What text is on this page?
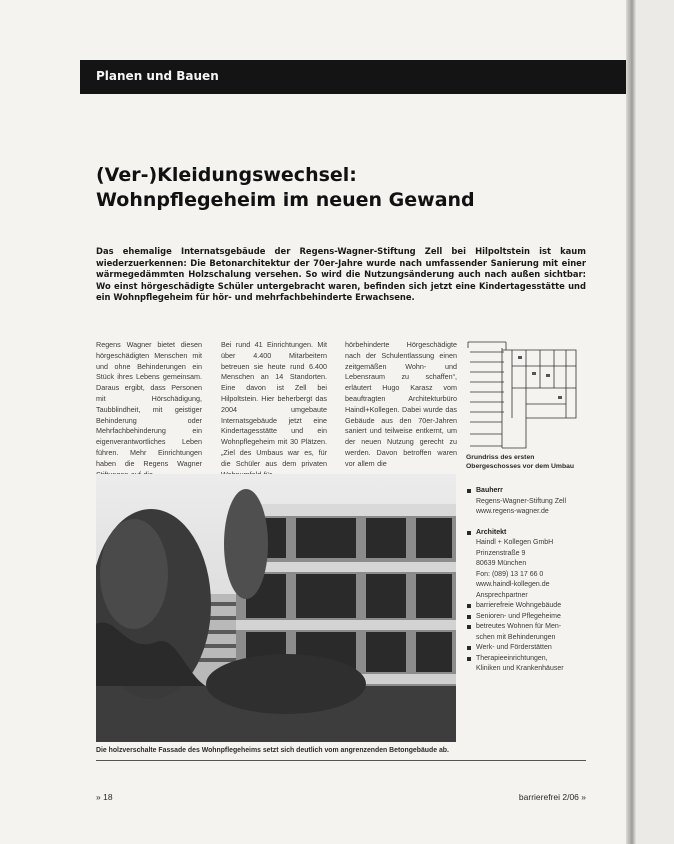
Planen und Bauen
(Ver-)Kleidungswechsel:
Wohnpflegeheim im neuen Gewand
Das ehemalige Internatsgebäude der Regens-Wagner-Stiftung Zell bei Hilpoltstein ist kaum wiederzuerkennen: Die Betonarchitektur der 70er-Jahre wurde nach umfassender Sanierung mit einer wärmegedämmten Holzschalung versehen. So wird die Nutzungsänderung auch nach außen sichtbar: Wo einst hörgeschädigte Schüler untergebracht waren, befinden sich jetzt eine Kindertagesstätte und ein Wohnpflegeheim für hör- und mehrfachbehinderte Erwachsene.
Regens Wagner bietet diesen hörgeschädigten Menschen mit und ohne Behinderungen ein Stück ihres Lebens gemeinsam. Daraus ergibt, dass Personen mit Hörschädigung, Taubblindheit, mit geistiger Behinderung oder Mehrfachbehinderung ein eigenverantwortliches Leben führen. Mehr Einrichtungen haben die Regens Wagner
Bei rund 41 Einrichtungen. Mit über 4.400 Mitarbeitern betreuen sie heute rund 6.400 Menschen an 14 Standorten. Eine davon ist Zell bei Hilpoltstein. Hier beherbergt das 2004 umgebaute Internatsgebäude jetzt eine Kindertagesstätte und ein Wohnpflegeheim mit 30 Plätzen. „Ziel des Umbaus war es, für die Schüler aus dem privaten
hörbehinderte Hörgeschädigte nach der Schulentlassung einen zeitgemäßen Wohn- und Lebensraum zu schaffen“, erläutert Hugo Karasz vom beauftragten Architekturbüro Haindl+Kollegen. Dabei wurde das Gebäude aus den 70er-Jahren saniert und teilweise entkernt, um der neuen Nutzung gerecht zu werden. Davon betroffen waren vor allem die
Grundriss des ersten Obergeschosses vor dem Umbau
Die holzverschalte Fassade des Wohnpflegeheims setzt sich deutlich vom angrenzenden Betongebäude ab.
Bauherr
Regens-Wagner-Stiftung Zell
www.regens-wagner.de
Architekt
Haindl + Kollegen GmbH
Prinzenstraße 9
80639 München
Fon: (089) 13 17 66 0
www.haindl-kollegen.de
Ansprechpartner
barrierefreie Wohngebäude
Senioren- und Pflegeheime
betreutes Wohnen für Men-
schen mit Behinderungen
Werk- und Förderstätten
Therapieeinrichtungen,
Kliniken und Krankenhäuser
» 18	barrierefrei 2/06 »
